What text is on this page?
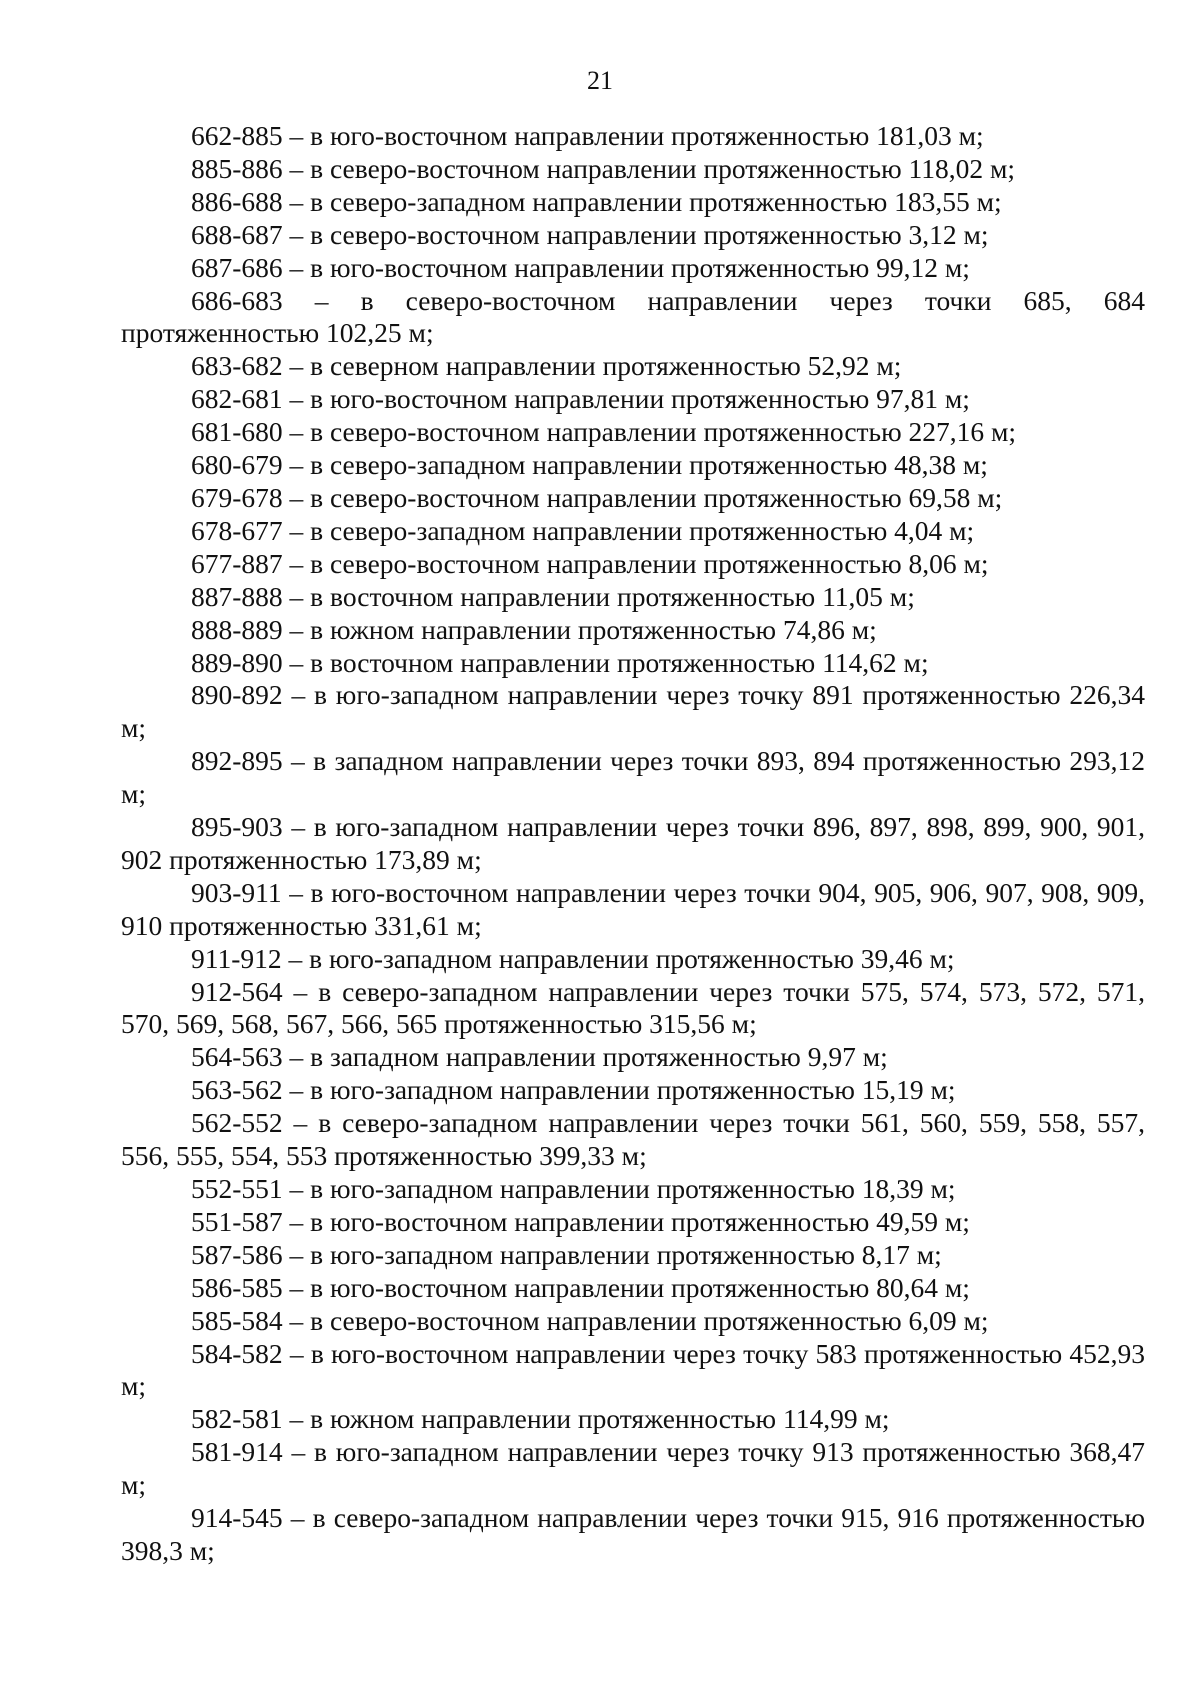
21

662-885 – в юго-восточном направлении протяженностью 181,03 м;

885-886 – в северо-восточном направлении протяженностью 118,02 м;

886-688 – в северо-западном направлении протяженностью 183,55 м;

688-687 – в северо-восточном направлении протяженностью 3,12 м;

687-686 – в юго-восточном направлении протяженностью 99,12 м;

686-683 – в северо-восточном направлении через точки 685, 684 протяженностью 102,25 м;

683-682 – в северном направлении протяженностью 52,92 м;

682-681 – в юго-восточном направлении протяженностью 97,81 м;

681-680 – в северо-восточном направлении протяженностью 227,16 м;

680-679 – в северо-западном направлении протяженностью 48,38 м;

679-678 – в северо-восточном направлении протяженностью 69,58 м;

678-677 – в северо-западном направлении протяженностью 4,04 м;

677-887 – в северо-восточном направлении протяженностью 8,06 м;

887-888 – в восточном направлении протяженностью 11,05 м;

888-889 – в южном направлении протяженностью 74,86 м;

889-890 – в восточном направлении протяженностью 114,62 м;

890-892 – в юго-западном направлении через точку 891 протяженностью 226,34 м;

892-895 – в западном направлении через точки 893, 894 протяженностью 293,12 м;

895-903 – в юго-западном направлении через точки 896, 897, 898, 899, 900, 901, 902 протяженностью 173,89 м;

903-911 – в юго-восточном направлении через точки 904, 905, 906, 907, 908, 909, 910 протяженностью 331,61 м;

911-912 – в юго-западном направлении протяженностью 39,46 м;

912-564 – в северо-западном направлении через точки 575, 574, 573, 572, 571, 570, 569, 568, 567, 566, 565 протяженностью 315,56 м;

564-563 – в западном направлении протяженностью 9,97 м;

563-562 – в юго-западном направлении протяженностью 15,19 м;

562-552 – в северо-западном направлении через точки 561, 560, 559, 558, 557, 556, 555, 554, 553 протяженностью 399,33 м;

552-551 – в юго-западном направлении протяженностью 18,39 м;

551-587 – в юго-восточном направлении протяженностью 49,59 м;

587-586 – в юго-западном направлении протяженностью 8,17 м;

586-585 – в юго-восточном направлении протяженностью 80,64 м;

585-584 – в северо-восточном направлении протяженностью 6,09 м;

584-582 – в юго-восточном направлении через точку 583 протяженностью 452,93 м;

582-581 – в южном направлении протяженностью 114,99 м;

581-914 – в юго-западном направлении через точку 913 протяженностью 368,47 м;

914-545 – в северо-западном направлении через точки 915, 916 протяженностью 398,3 м;
